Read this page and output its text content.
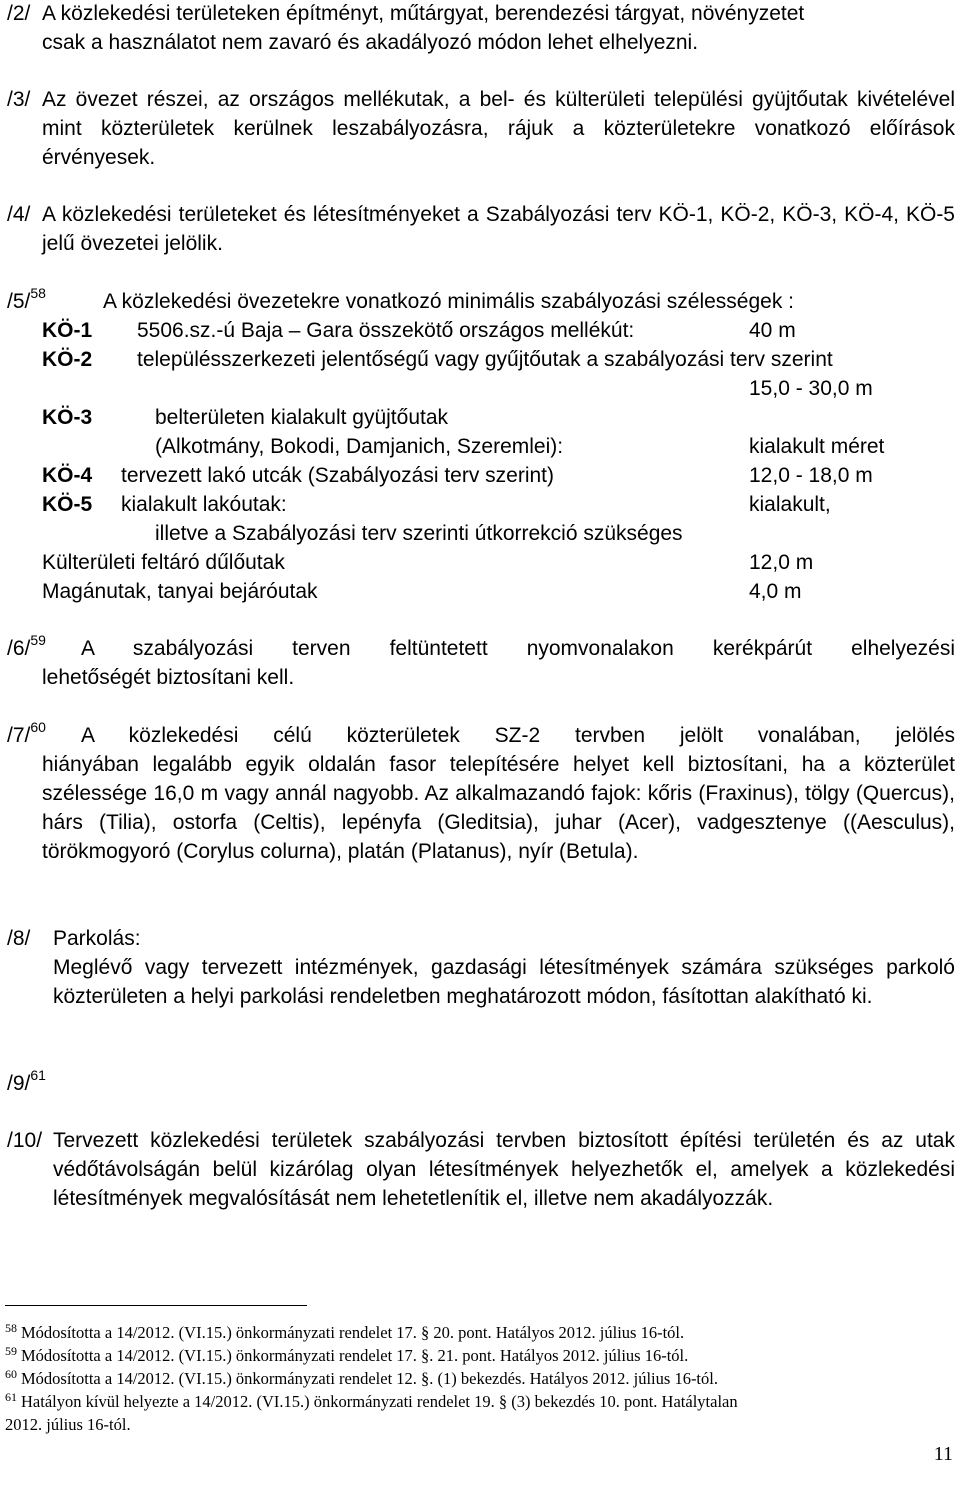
/2/ A közlekedési területeken építményt, műtárgyat, berendezési tárgyat, növényzetet
csak a használatot nem zavaró és akadályozó módon lehet elhelyezni.
/3/ Az övezet részei, az országos mellékutak, a bel- és külterületi települési gyüjtőutak kivételével mint közterületek kerülnek leszabályozásra, rájuk a közterületekre vonatkozó előírások érvényesek.
/4/ A közlekedési területeket és létesítményeket a Szabályozási terv KÖ-1, KÖ-2, KÖ-3, KÖ-4, KÖ-5 jelű övezetei jelölik.
/5/$^{58}$	A közlekedési övezetekre vonatkozó minimális szabályozási szélességek :
KÖ-1 5506.sz.-ú Baja – Gara összekötő országos mellékút:	40 m
KÖ-2 településszerkezeti jelentőségű vagy gyűjtőutak a szabályozási terv szerint
15,0 - 30,0 m
KÖ-3	belterületen kialakult gyüjtőutak
(Alkotmány, Bokodi, Damjanich, Szeremlei):	kialakult méret
KÖ-4 tervezett lakó utcák (Szabályozási terv szerint)	12,0 - 18,0 m
KÖ-5 kialakult lakóutak:	kialakult,
illetve a Szabályozási terv szerinti útkorrekció szükséges
Külterületi feltáró dűlőutak	12,0 m
Magánutak, tanyai bejáróutak	4,0 m
/6/$^{59}$ A szabályozási terven feltüntetett nyomvonalakon kerékpárút elhelyezési
lehetőségét biztosítani kell.
/7/$^{60}$ A közlekedési célú közterületek SZ-2 tervben jelölt vonalában, jelölés
hiányában legalább egyik oldalán fasor telepítésére helyet kell biztosítani, ha a közterület szélessége 16,0 m vagy annál nagyobb. Az alkalmazandó fajok: kőris (Fraxinus), tölgy (Quercus), hárs (Tilia), ostorfa (Celtis), lepényfa (Gleditsia), juhar (Acer), vadgesztenye ((Aesculus), törökmogyoró (Corylus colurna), platán (Platanus), nyír (Betula).
/8/ Parkolás:
Meglévő vagy tervezett intézmények, gazdasági létesítmények számára szükséges parkoló közterületen a helyi parkolási rendeletben meghatározott módon, fásítottan alakítható ki.
/9/$^{61}$
/10/ Tervezett közlekedési területek szabályozási tervben biztosított építési területén és az utak védőtávolságán belül kizárólag olyan létesítmények helyezhetők el, amelyek a közlekedési létesítmények megvalósítását nem lehetetlenítik el, illetve nem akadályozzák.
$^{58}$ Módosította a 14/2012. (VI.15.) önkormányzati rendelet 17. § 20. pont. Hatályos 2012. július 16-tól.
$^{59}$ Módosította a 14/2012. (VI.15.) önkormányzati rendelet 17. §. 21. pont. Hatályos 2012. július 16-tól.
$^{60}$ Módosította a 14/2012. (VI.15.) önkormányzati rendelet 12. §. (1) bekezdés. Hatályos 2012. július 16-tól.
$^{61}$ Hatályon kívül helyezte a 14/2012. (VI.15.) önkormányzati rendelet 19. § (3) bekezdés 10. pont. Hatálytalan
2012. július 16-tól.
11
